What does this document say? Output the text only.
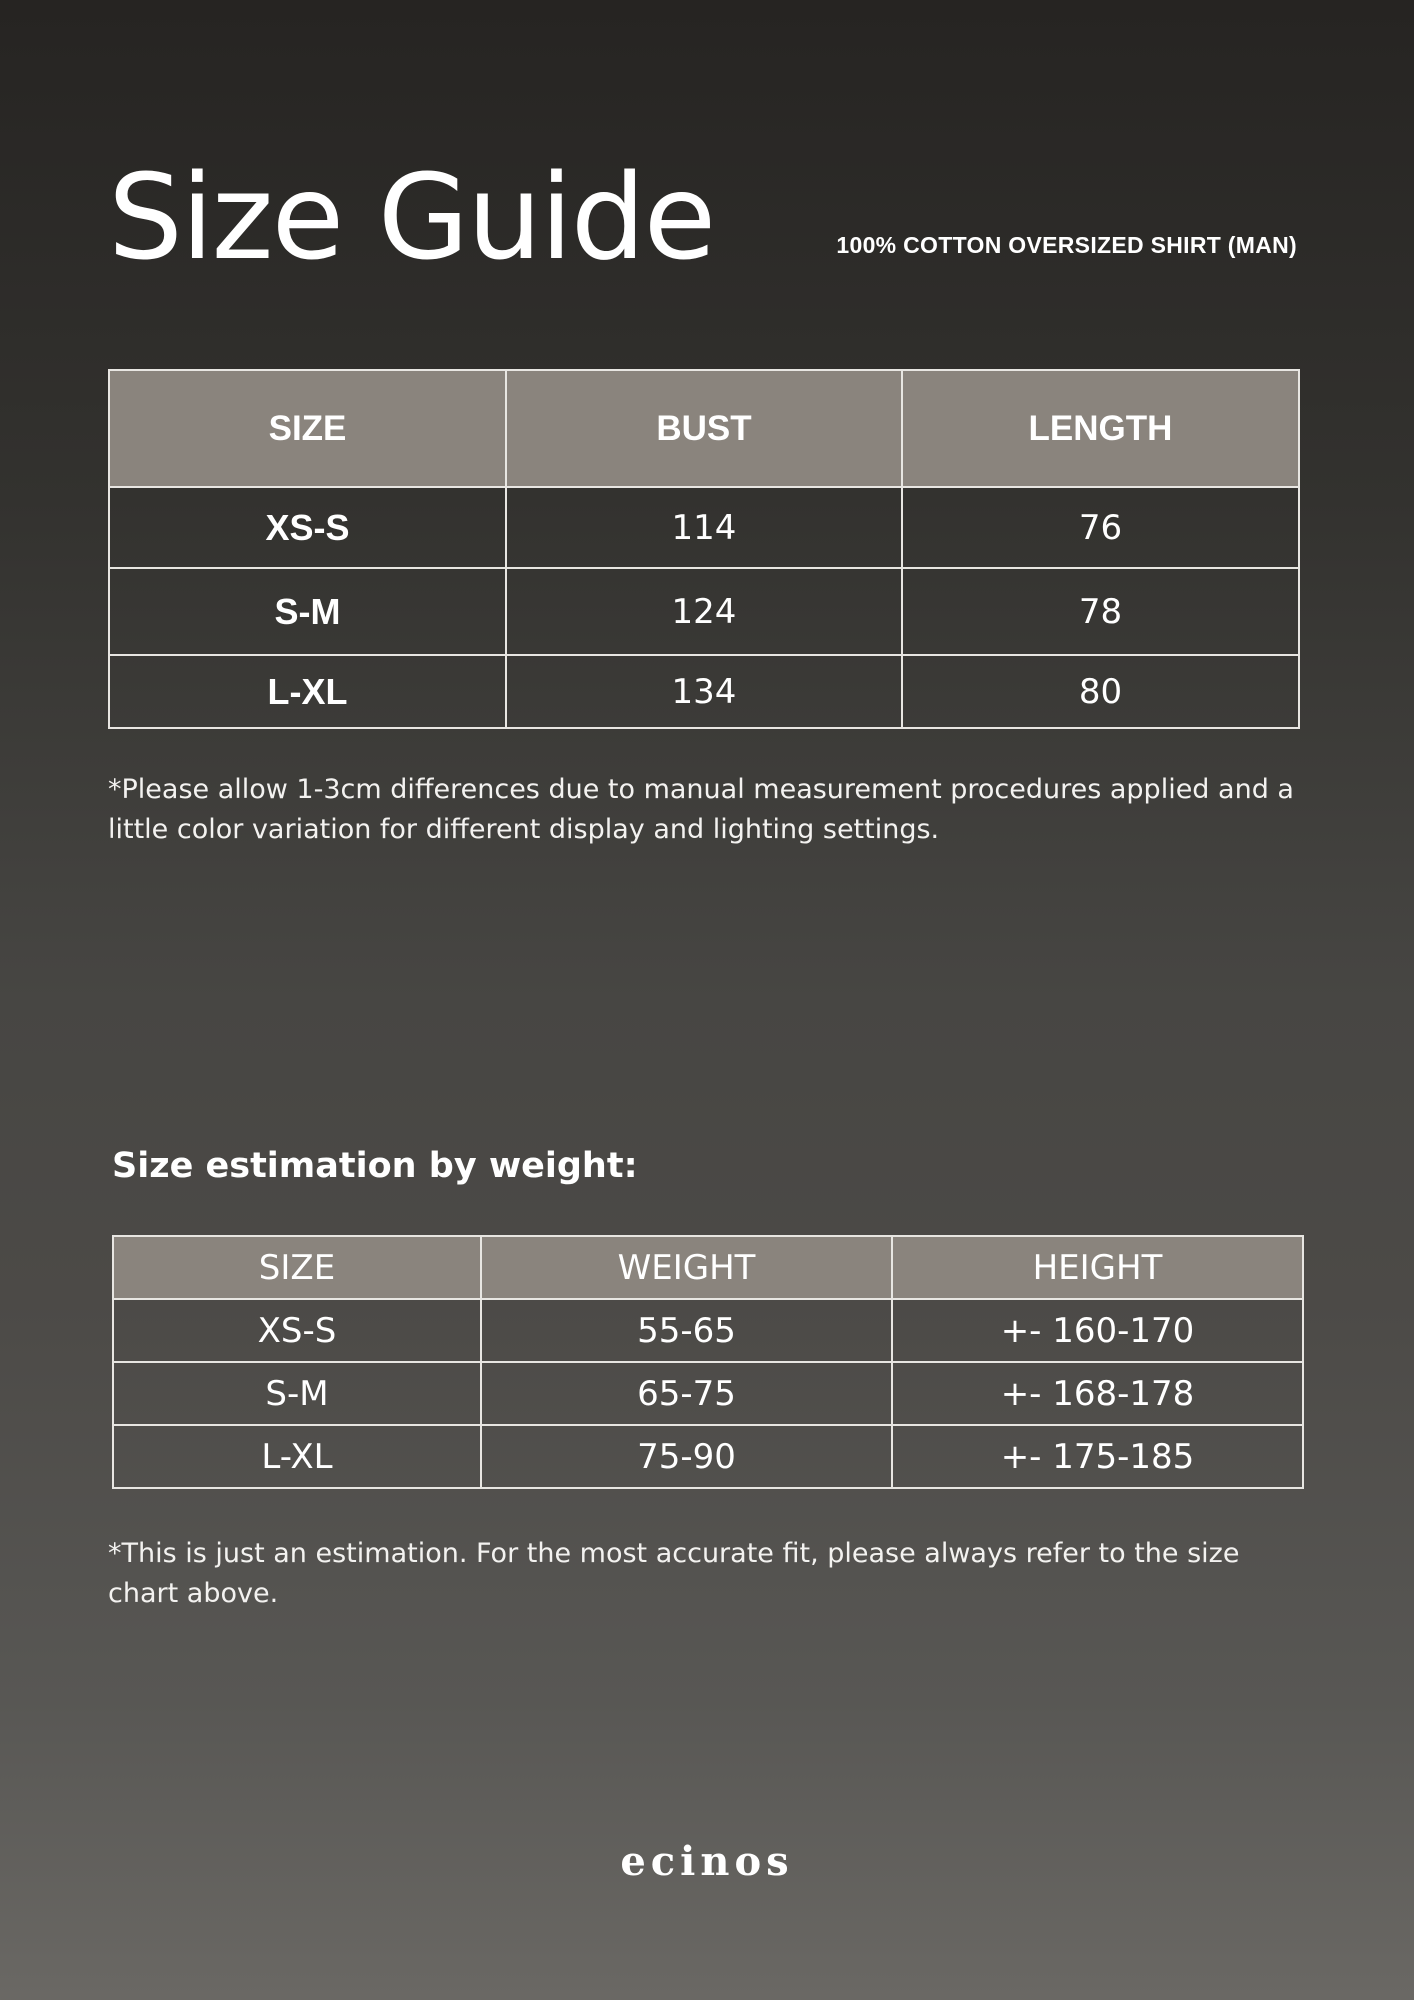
Size Guide	100% COTTON OVERSIZED SHIRT (MAN)
SIZE	BUST	LENGTH
XS-S	114	76
S-M	124	78
L-XL	134	80

*Please allow 1-3cm differences due to manual measurement procedures applied and a little color variation for different display and lighting settings.

Size estimation by weight:
SIZE	WEIGHT	HEIGHT
XS-S	55-65	+- 160-170
S-M	65-75	+- 168-178
L-XL	75-90	+- 175-185

*This is just an estimation. For the most accurate fit, please always refer to the size chart above.

ecinos
